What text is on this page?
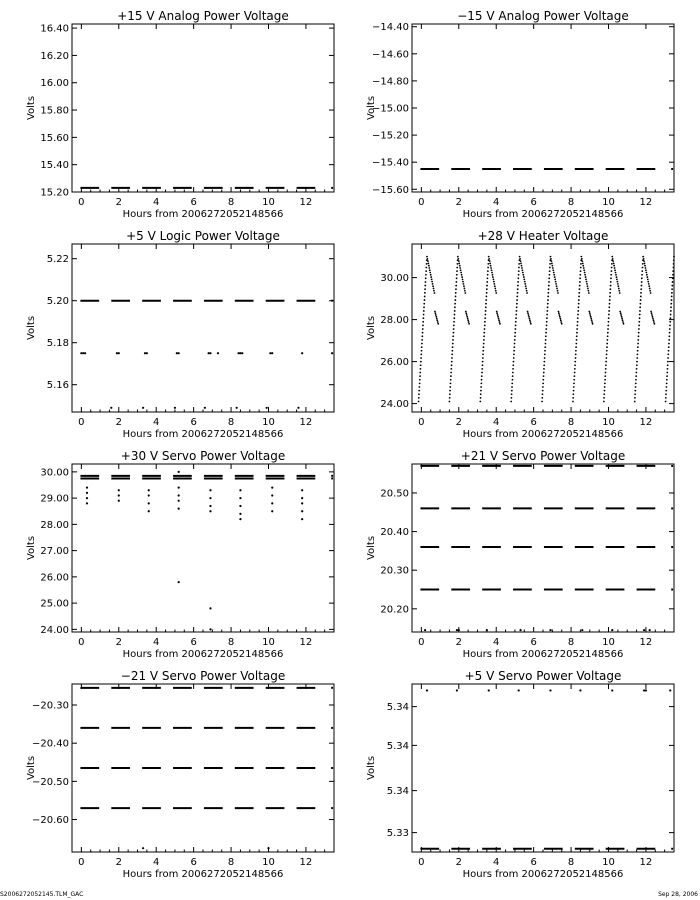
+15 V Analog Power Voltage
0	2	4	6	8	10 12
Hours from 20062720521485​66
15.20
15.40
15.60
15.80
16.00
16.20
16.40
Volts
−15 V Analog Power Voltage
0	2	4	6	8	10 12
Hours from 20062720521485​66
−15.60
−15.40
−15.20
−15.00
−14.80
−14.60
−14.40
Volts
+5 V Logic Power Voltage
0	2	4	6	8	10 12
Hours from 20062720521485​66
5.16
5.18
5.20
5.22
Volts
+28 V Heater Voltage
0	2	4	6	8	10 12
Hours from 20062720521485​66
24.00
26.00
28.00
30.00
Volts
+30 V Servo Power Voltage
0	2	4	6	8	10 12
Hours from 20062720521485​66
24.00
25.00
26.00
27.00
28.00
29.00
30.00
Volts
+21 V Servo Power Voltage
0	2	4	6	8	10 12
Hours from 20062720521485​66
20.20
20.30
20.40
20.50
Volts
−21 V Servo Power Voltage
0	2	4	6	8	10 12
Hours from 20062720521485​66
−20.60
−20.50
−20.40
−20.30
Volts
+5 V Servo Power Voltage
0	2	4	6	8	10 12
Hours from 20062720521485​66
5.33
5.34
5.34
5.34
Volts
S2006272052145.TLM_GAC	Sep 28, 2006
